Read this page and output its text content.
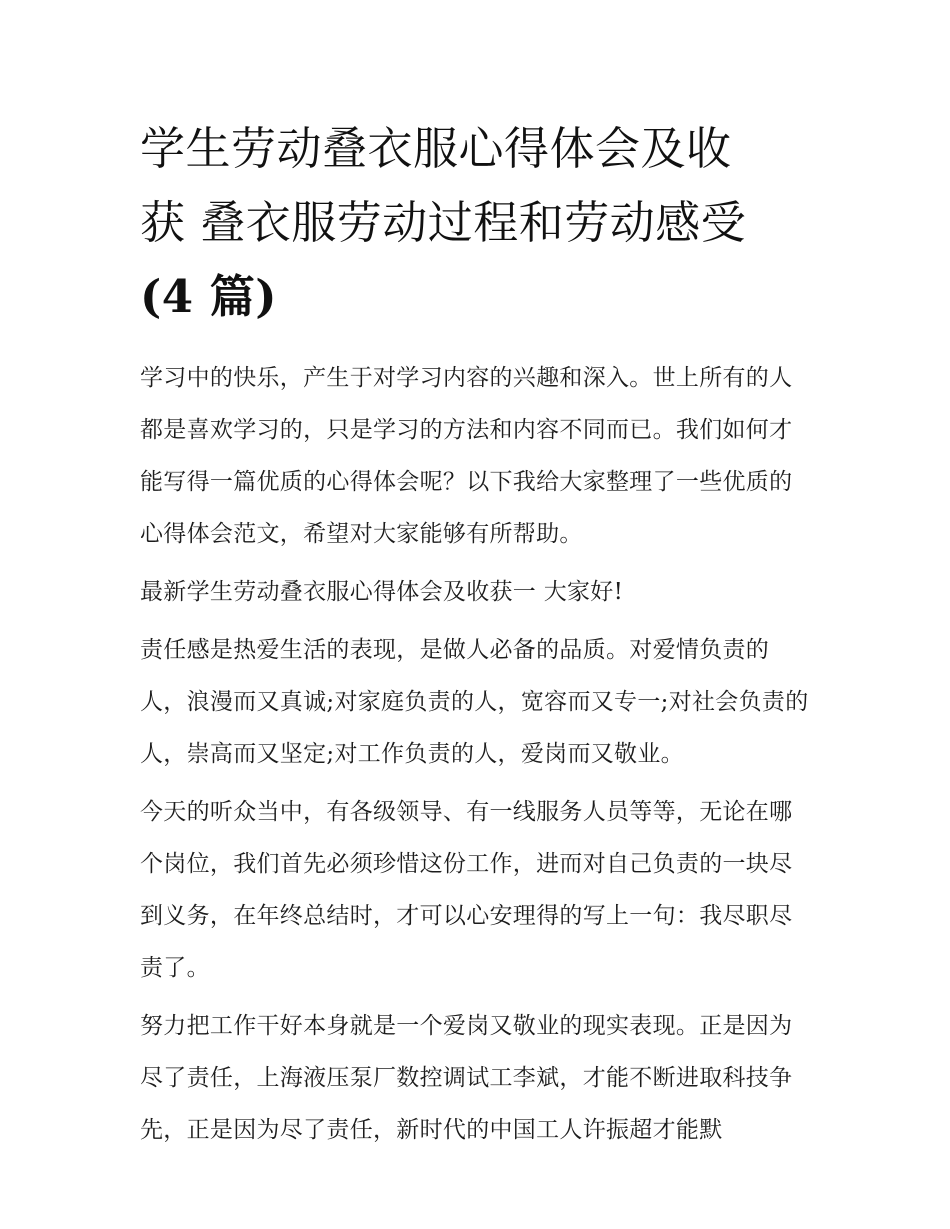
学生劳动叠衣服心得体会及收
获 叠衣服劳动过程和劳动感受
(4 篇)

学习中的快乐，产生于对学习内容的兴趣和深入。世上所有的人都是喜欢学习的，只是学习的方法和内容不同而已。我们如何才能写得一篇优质的心得体会呢？以下我给大家整理了一些优质的心得体会范文，希望对大家能够有所帮助。

最新学生劳动叠衣服心得体会及收获一 大家好!

责任感是热爱生活的表现，是做人必备的品质。对爱情负责的人，浪漫而又真诚;对家庭负责的人，宽容而又专一;对社会负责的人，崇高而又坚定;对工作负责的人，爱岗而又敬业。

今天的听众当中，有各级领导、有一线服务人员等等，无论在哪个岗位，我们首先必须珍惜这份工作，进而对自己负责的一块尽到义务，在年终总结时，才可以心安理得的写上一句：我尽职尽责了。

努力把工作干好本身就是一个爱岗又敬业的现实表现。正是因为尽了责任，上海液压泵厂数控调试工李斌，才能不断进取科技争先，正是因为尽了责任，新时代的中国工人许振超才能默
